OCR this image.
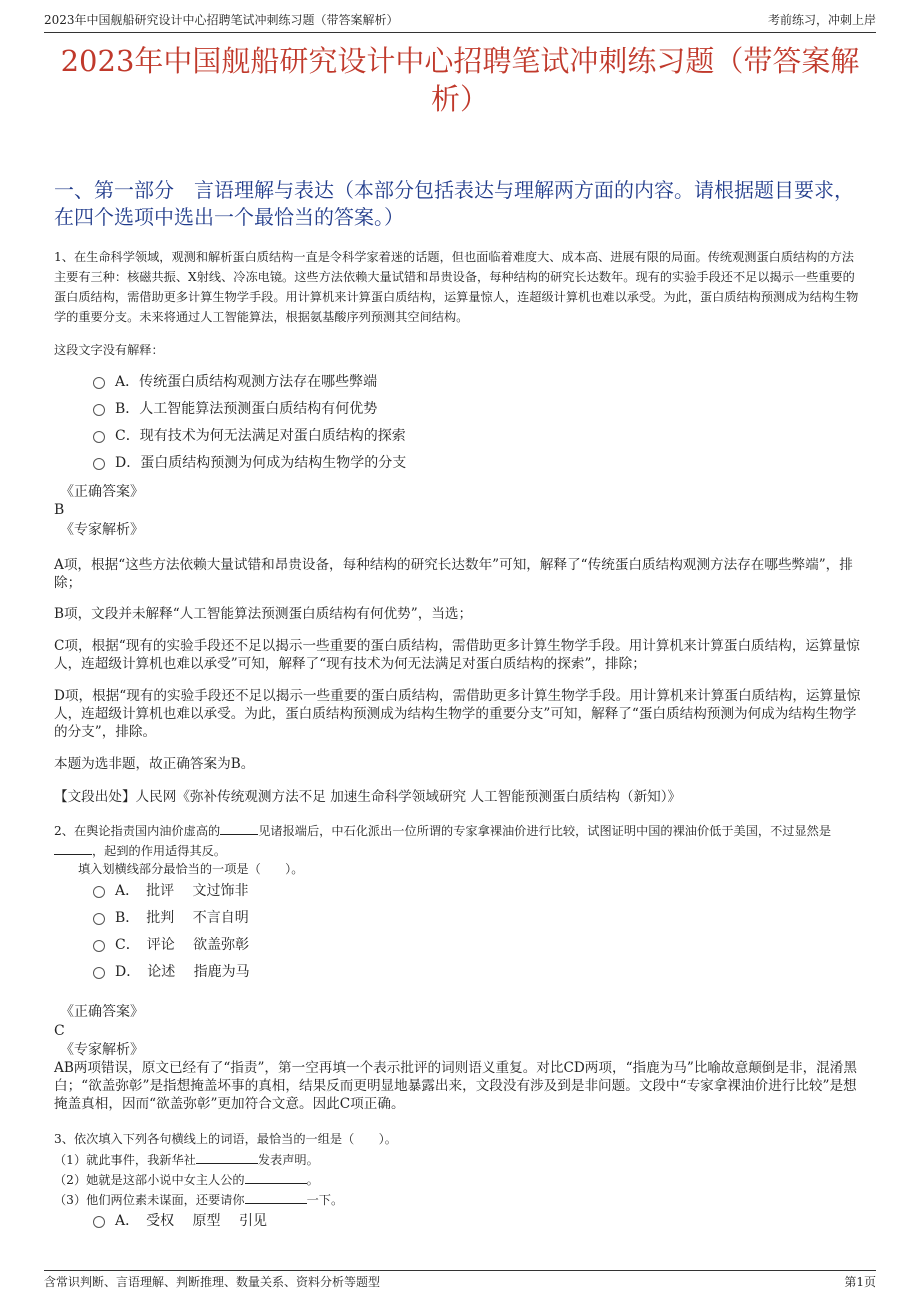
2023年中国舰船研究设计中心招聘笔试冲刺练习题（带答案解析）	考前练习，冲刺上岸
2023年中国舰船研究设计中心招聘笔试冲刺练习题（带答案解析）
一、第一部分　言语理解与表达（本部分包括表达与理解两方面的内容。请根据题目要求，在四个选项中选出一个最恰当的答案。）
1、在生命科学领域，观测和解析蛋白质结构一直是令科学家着迷的话题，但也面临着难度大、成本高、进展有限的局面。传统观测蛋白质结构的方法主要有三种：核磁共振、X射线、冷冻电镜。这些方法依赖大量试错和昂贵设备，每种结构的研究长达数年。现有的实验手段还不足以揭示一些重要的蛋白质结构，需借助更多计算生物学手段。用计算机来计算蛋白质结构，运算量惊人，连超级计算机也难以承受。为此，蛋白质结构预测成为结构生物学的重要分支。未来将通过人工智能算法，根据氨基酸序列预测其空间结构。
这段文字没有解释：
A．传统蛋白质结构观测方法存在哪些弊端
B．人工智能算法预测蛋白质结构有何优势
C．现有技术为何无法满足对蛋白质结构的探索
D．蛋白质结构预测为何成为结构生物学的分支
《正确答案》
B
《专家解析》
A项，根据“这些方法依赖大量试错和昂贵设备，每种结构的研究长达数年”可知，解释了“传统蛋白质结构观测方法存在哪些弊端”，排除；
B项，文段并未解释“人工智能算法预测蛋白质结构有何优势”，当选；
C项，根据“现有的实验手段还不足以揭示一些重要的蛋白质结构，需借助更多计算生物学手段。用计算机来计算蛋白质结构，运算量惊人，连超级计算机也难以承受”可知，解释了“现有技术为何无法满足对蛋白质结构的探索”，排除；
D项，根据“现有的实验手段还不足以揭示一些重要的蛋白质结构，需借助更多计算生物学手段。用计算机来计算蛋白质结构，运算量惊人，连超级计算机也难以承受。为此，蛋白质结构预测成为结构生物学的重要分支”可知，解释了“蛋白质结构预测为何成为结构生物学的分支”，排除。
本题为选非题，故正确答案为B。
【文段出处】人民网《弥补传统观测方法不足 加速生命科学领域研究 人工智能预测蛋白质结构（新知）》
2、在舆论指责国内油价虚高的	见诸报端后，中石化派出一位所谓的专家拿裸油价进行比较，试图证明中国的裸油价低于美国，不过显然是，起到的作用适得其反。
填入划横线部分最恰当的一项是（　　）。
A．　批评　 文过饰非
B．　批判　 不言自明
C．　评论　 欲盖弥彰
D．　论述　 指鹿为马
《正确答案》
C
《专家解析》
AB两项错误，原文已经有了“指责”，第一空再填一个表示批评的词则语义重复。对比CD两项，“指鹿为马”比喻故意颠倒是非，混淆黑白；“欲盖弥彰”是指想掩盖坏事的真相，结果反而更明显地暴露出来，文段没有涉及到是非问题。文段中“专家拿裸油价进行比较”是想掩盖真相，因而“欲盖弥彰”更加符合文意。因此C项正确。
3、依次填入下列各句横线上的词语，最恰当的一组是（　　）。
（1）就此事件，我新华社	发表声明。
（2）她就是这部小说中女主人公的	。
（3）他们两位素未谋面，还要请你	一下。
A．　受权　 原型　 引见
含常识判断、言语理解、判断推理、数量关系、资料分析等题型	第1页
